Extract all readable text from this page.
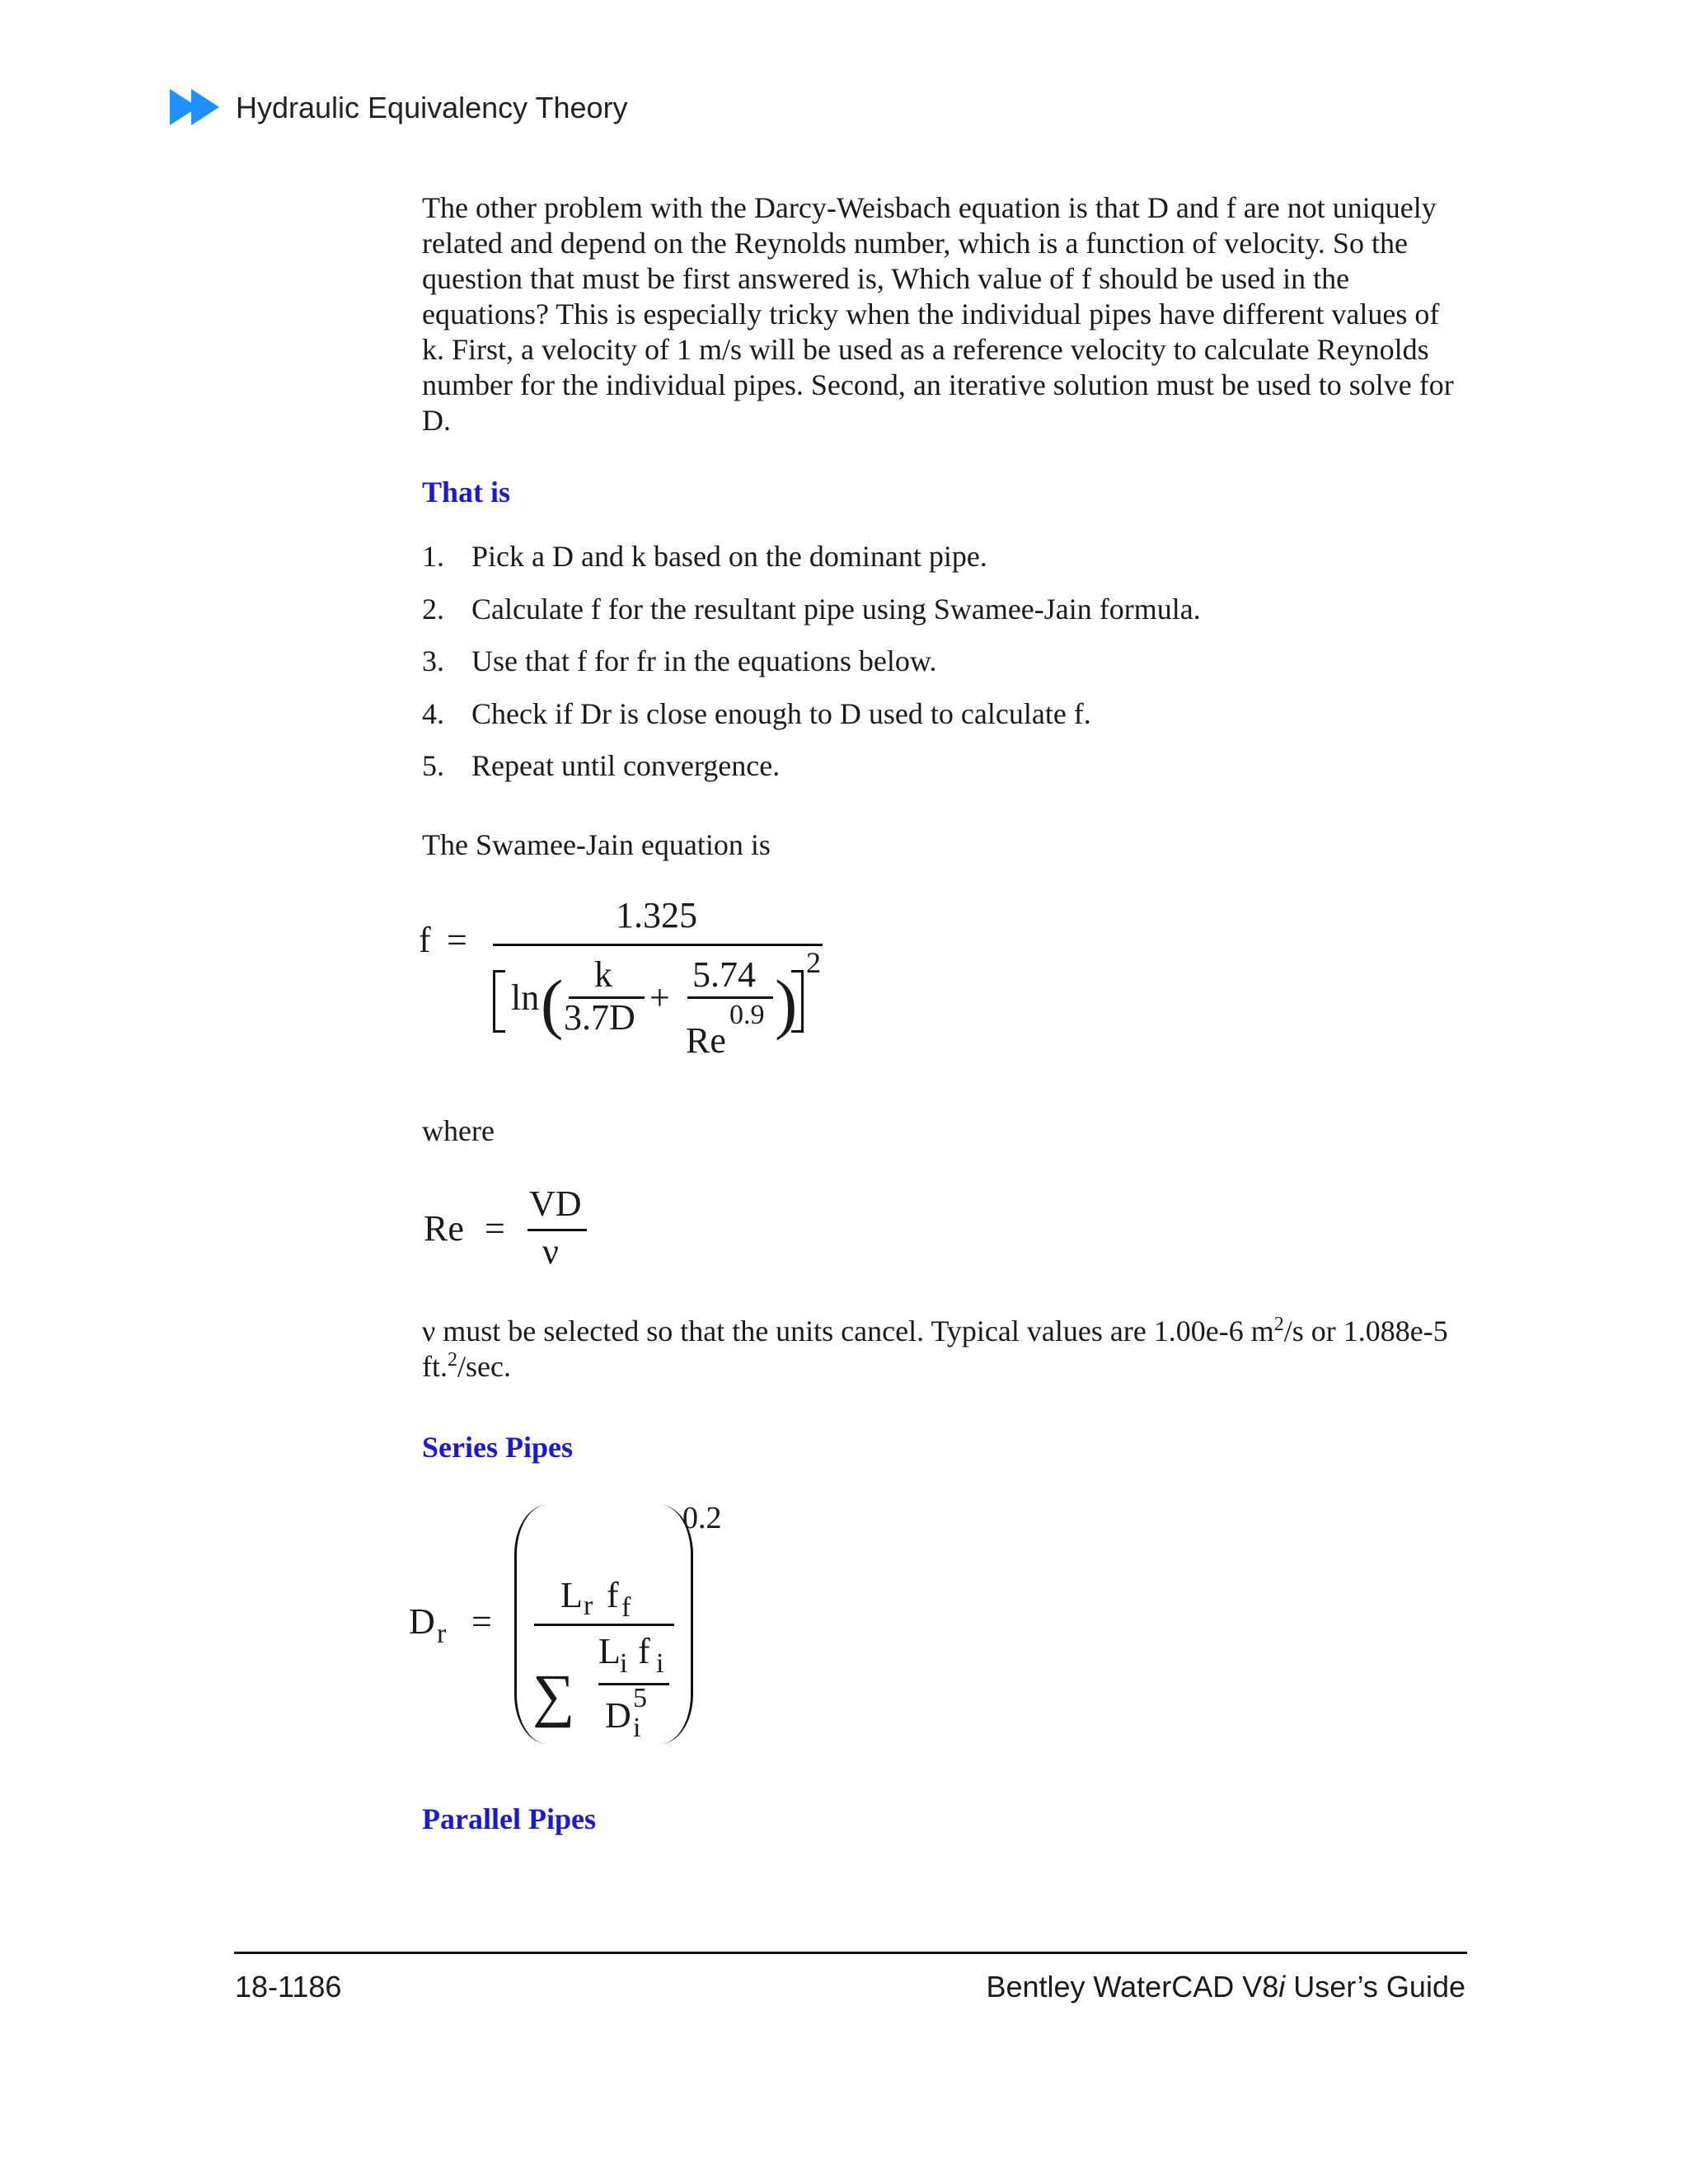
Hydraulic Equivalency Theory
The other problem with the Darcy-Weisbach equation is that D and f are not uniquely related and depend on the Reynolds number, which is a function of velocity. So the question that must be first answered is, Which value of f should be used in the equations? This is especially tricky when the individual pipes have different values of k. First, a velocity of 1 m/s will be used as a reference velocity to calculate Reynolds number for the individual pipes. Second, an iterative solution must be used to solve for D.
That is
1. Pick a D and k based on the dominant pipe.
2. Calculate f for the resultant pipe using Swamee-Jain formula.
3. Use that f for fr in the equations below.
4. Check if Dr is close enough to D used to calculate f.
5. Repeat until convergence.
The Swamee-Jain equation is
f =
1.325
ln ( k
3.7D +
5.74
Re
0.9 )
2
where
Re =
VD
ν
ν must be selected so that the units cancel. Typical values are 1.00e-6 $m^2/s$ or 1.088e-5 ft.$^2$/sec.
Series Pipes
D r =
L r f f
∑
L i f i
D 5
i
0.2
Parallel Pipes
18-1186	Bentley WaterCAD V8i User’s Guide
